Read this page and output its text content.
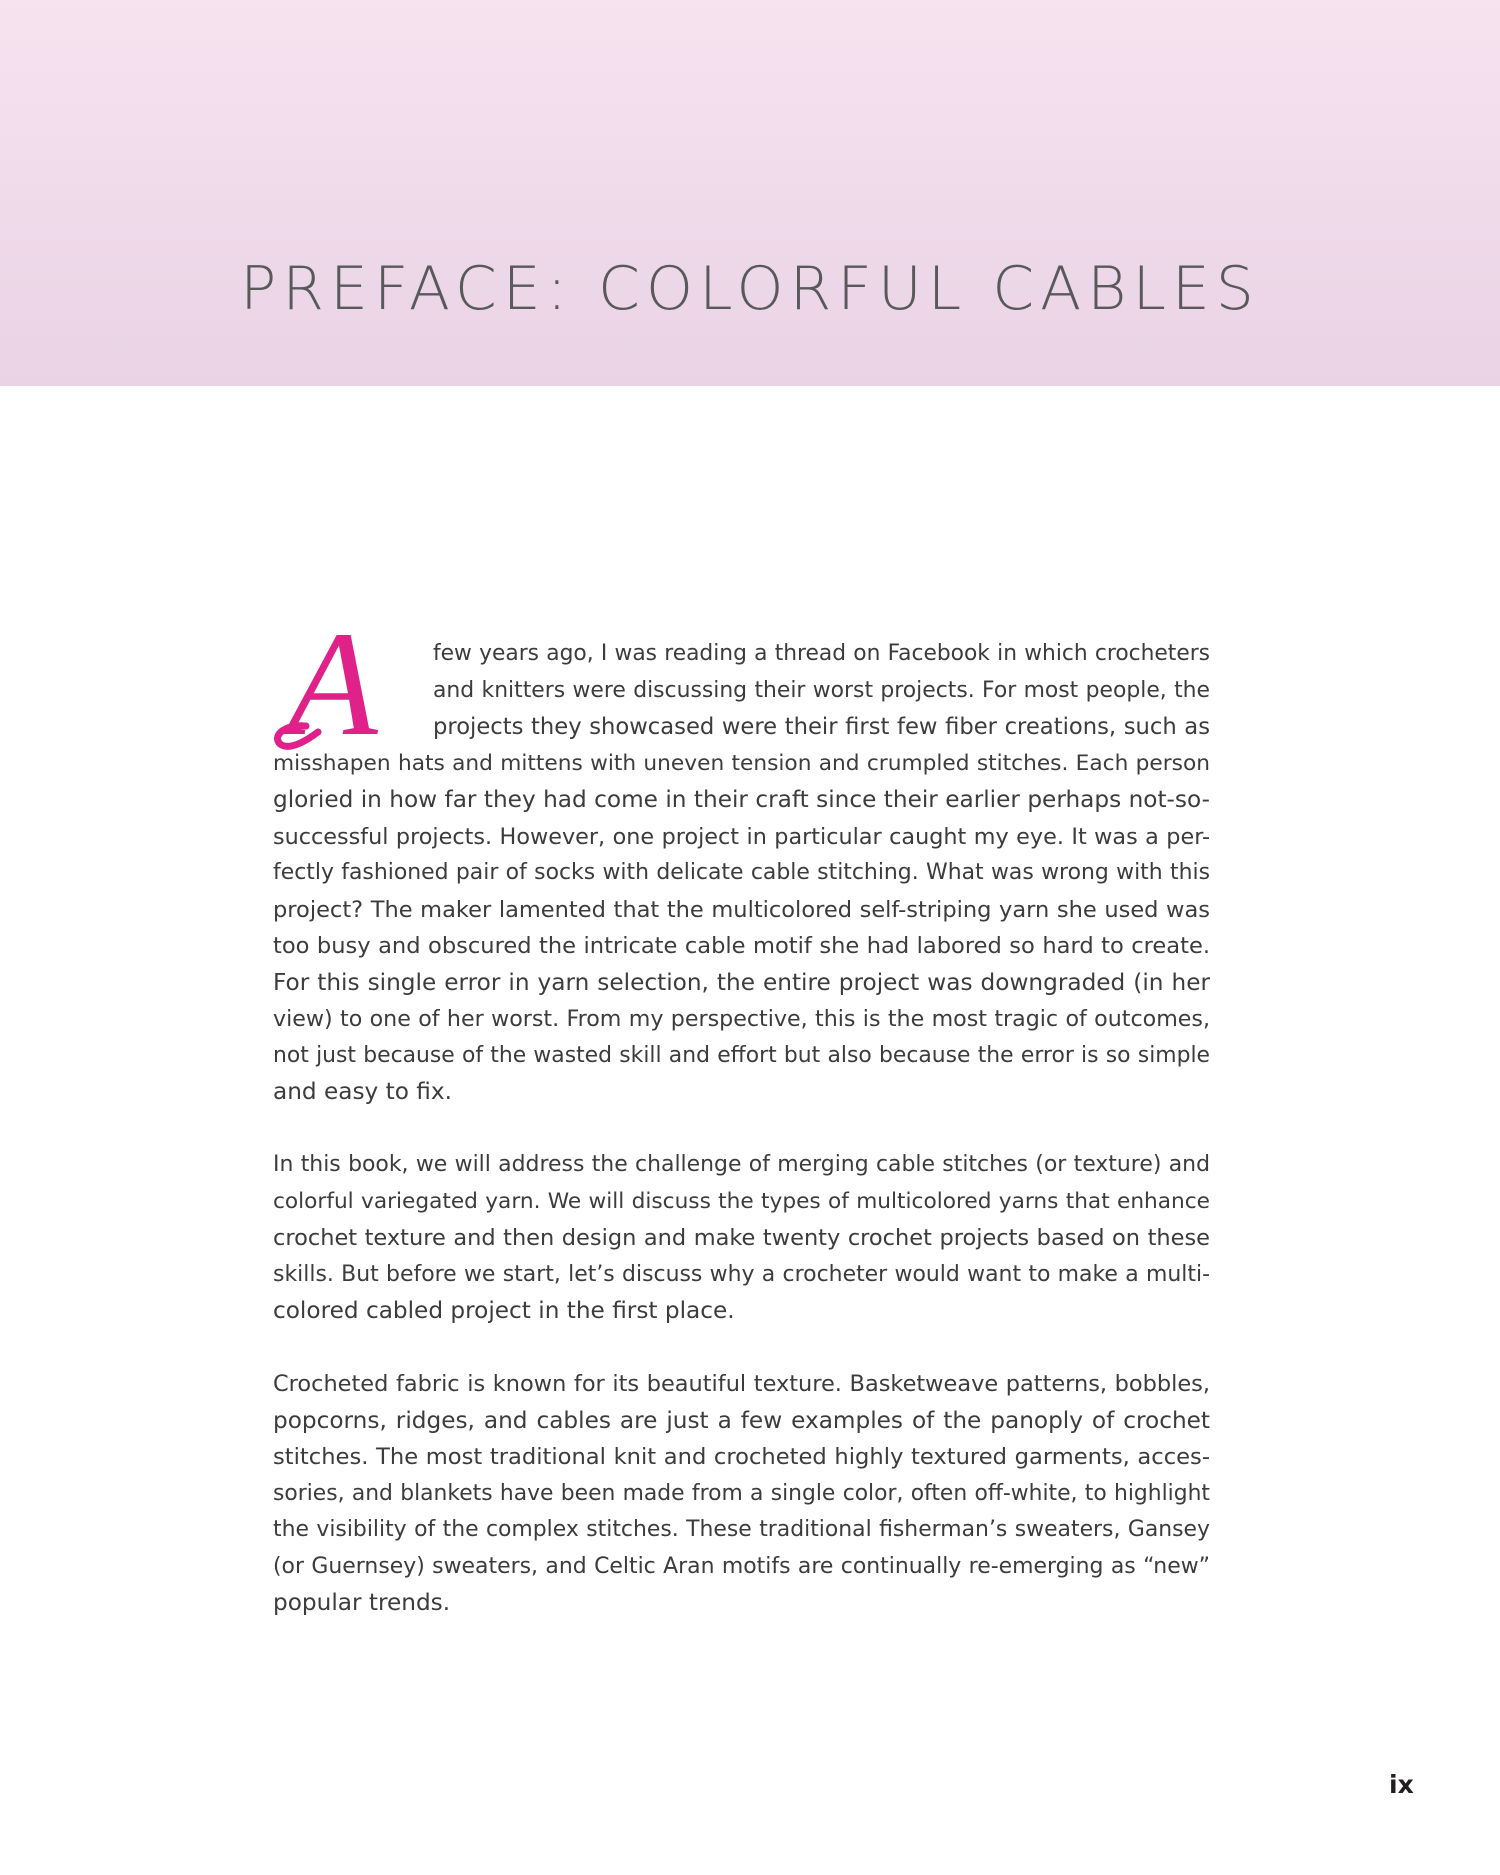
PREFACE: COLORFUL CABLES
A	few years ago, I was reading a thread on Facebook in which crocheters
and knitters were discussing their worst projects. For most people, the
projects they showcased were their first few fiber creations, such as
misshapen hats and mittens with uneven tension and crumpled stitches. Each person
gloried in how far they had come in their craft since their earlier perhaps not-so-
successful projects. However, one project in particular caught my eye. It was a per-
fectly fashioned pair of socks with delicate cable stitching. What was wrong with this
project? The maker lamented that the multicolored self-striping yarn she used was
too busy and obscured the intricate cable motif she had labored so hard to create.
For this single error in yarn selection, the entire project was downgraded (in her
view) to one of her worst. From my perspective, this is the most tragic of outcomes,
not just because of the wasted skill and effort but also because the error is so simple
and easy to fix.

In this book, we will address the challenge of merging cable stitches (or texture) and
colorful variegated yarn. We will discuss the types of multicolored yarns that enhance
crochet texture and then design and make twenty crochet projects based on these
skills. But before we start, let’s discuss why a crocheter would want to make a multi-
colored cabled project in the first place.

Crocheted fabric is known for its beautiful texture. Basketweave patterns, bobbles,
popcorns, ridges, and cables are just a few examples of the panoply of crochet
stitches. The most traditional knit and crocheted highly textured garments, acces-
sories, and blankets have been made from a single color, often off-white, to highlight
the visibility of the complex stitches. These traditional fisherman’s sweaters, Gansey
(or Guernsey) sweaters, and Celtic Aran motifs are continually re-emerging as “new”
popular trends.

ix
